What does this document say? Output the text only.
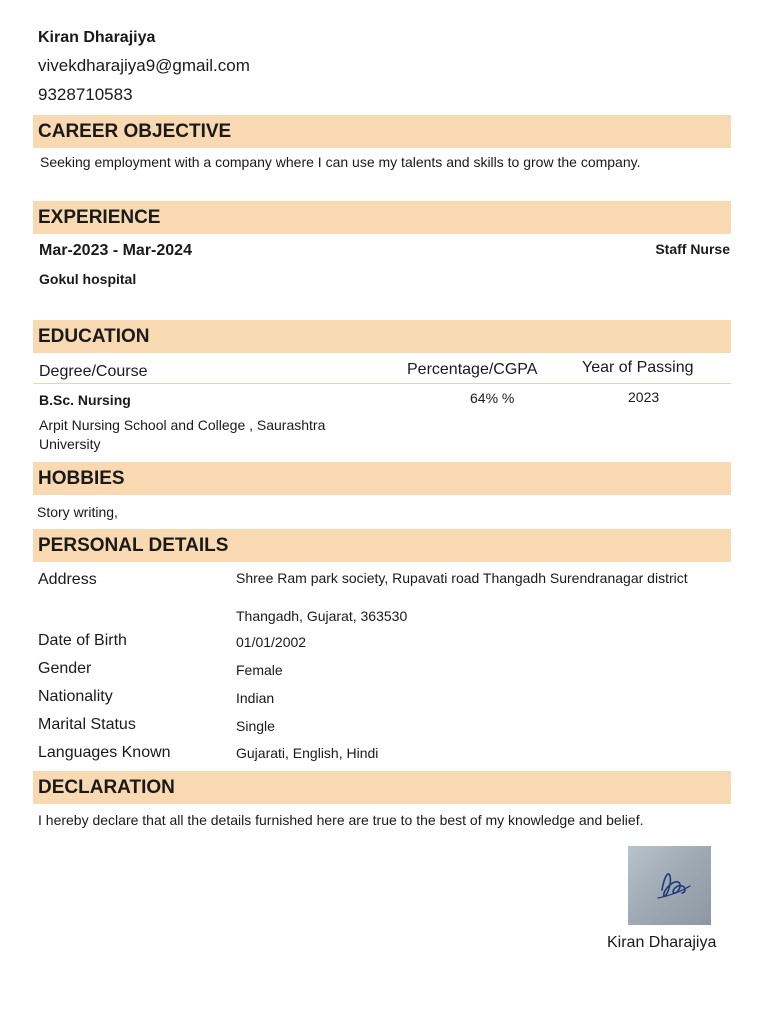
Kiran Dharajiya
vivekdharajiya9@gmail.com
9328710583
CAREER OBJECTIVE
Seeking employment with a company where I can use my talents and skills to grow the company.
EXPERIENCE
Mar-2023 - Mar-2024	Staff Nurse
Gokul hospital
EDUCATION
Degree/Course	Percentage/CGPA	Year of Passing
B.Sc. Nursing	64% %	2023
Arpit Nursing School and College , Saurashtra University
HOBBIES
Story writing,
PERSONAL DETAILS
Address	Shree Ram park society, Rupavati road Thangadh Surendranagar district
Thangadh, Gujarat, 363530
Date of Birth	01/01/2002
Gender	Female
Nationality	Indian
Marital Status	Single
Languages Known	Gujarati, English, Hindi
DECLARATION
I hereby declare that all the details furnished here are true to the best of my knowledge and belief.
Kiran Dharajiya
